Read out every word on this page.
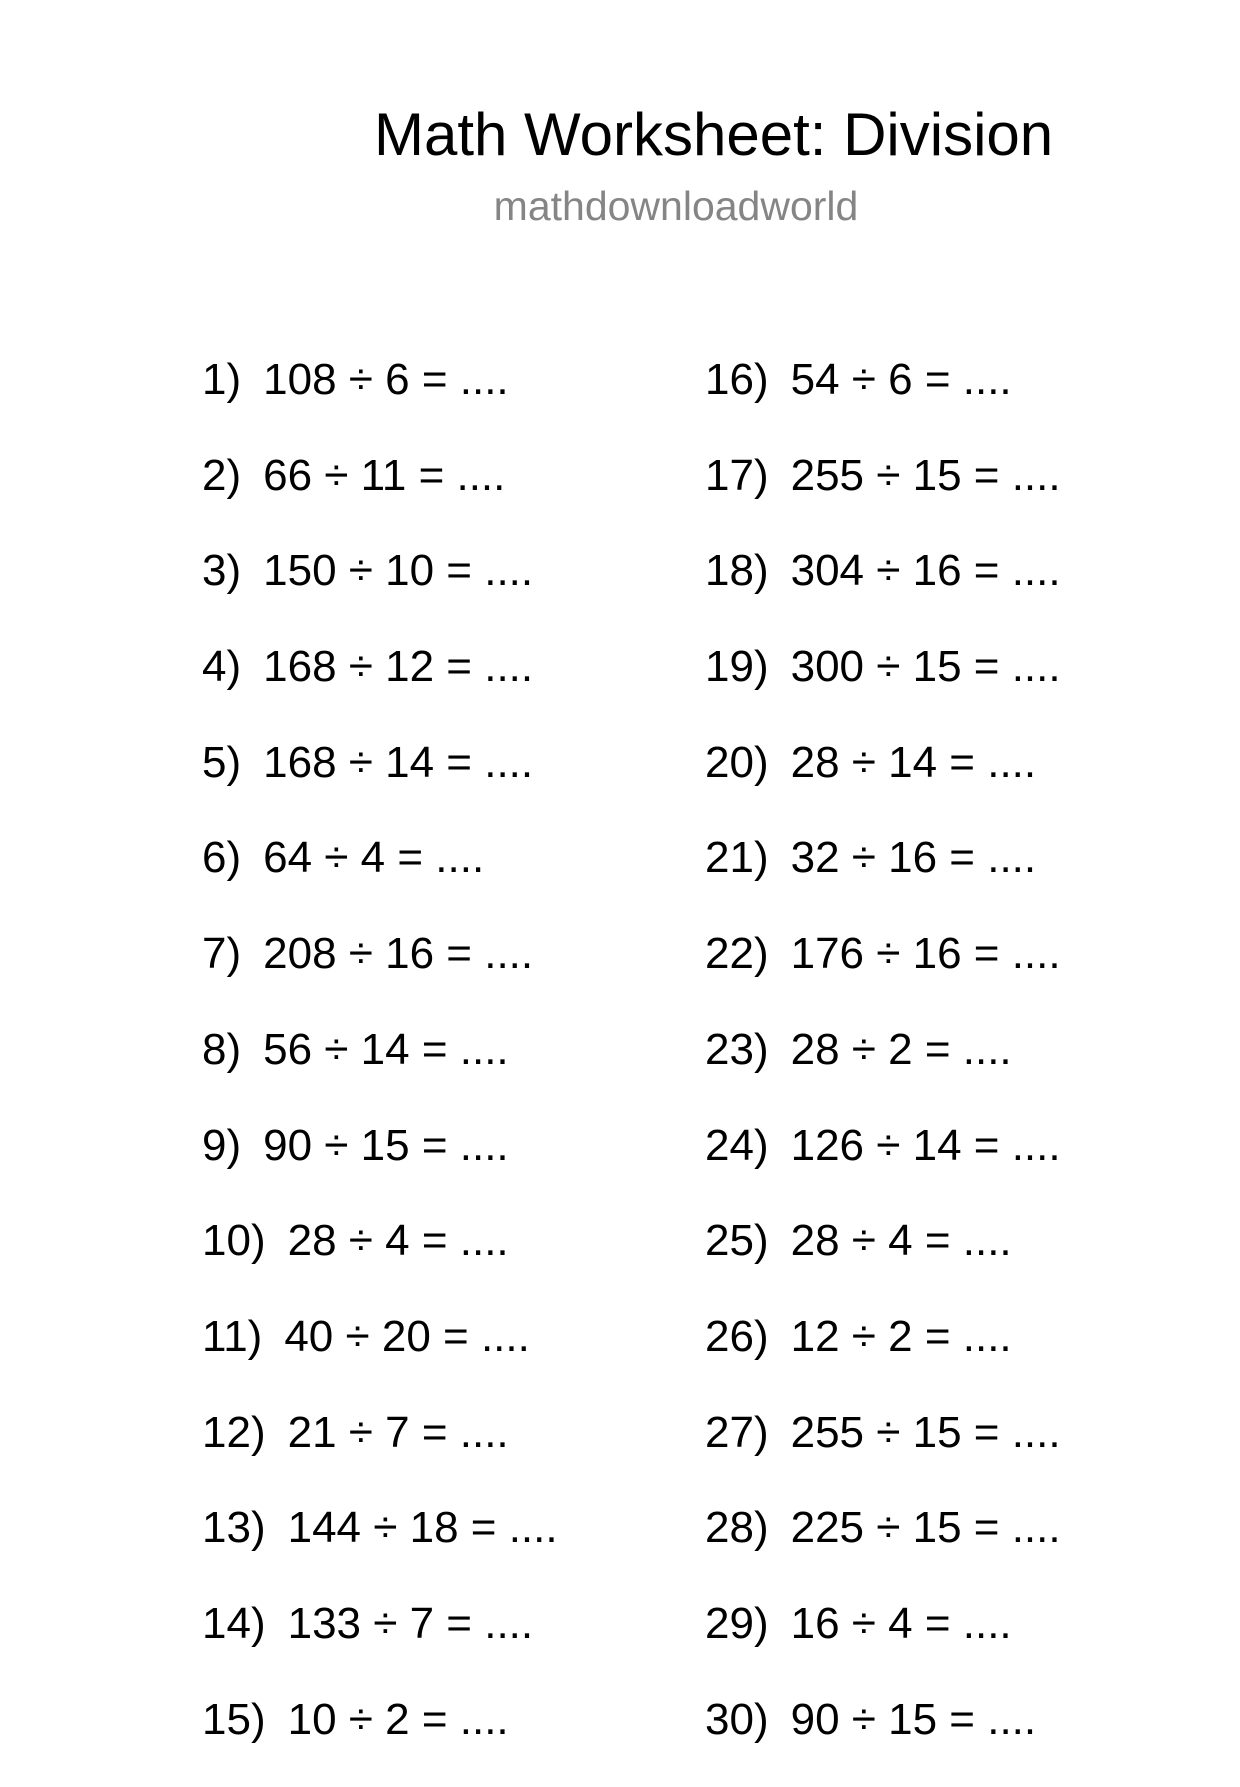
Math Worksheet: Division
mathdownloadworld
1) 108 ÷ 6 = ....
2) 66 ÷ 11 = ....
3) 150 ÷ 10 = ....
4) 168 ÷ 12 = ....
5) 168 ÷ 14 = ....
6) 64 ÷ 4 = ....
7) 208 ÷ 16 = ....
8) 56 ÷ 14 = ....
9) 90 ÷ 15 = ....
10) 28 ÷ 4 = ....
11) 40 ÷ 20 = ....
12) 21 ÷ 7 = ....
13) 144 ÷ 18 = ....
14) 133 ÷ 7 = ....
15) 10 ÷ 2 = ....
16) 54 ÷ 6 = ....
17) 255 ÷ 15 = ....
18) 304 ÷ 16 = ....
19) 300 ÷ 15 = ....
20) 28 ÷ 14 = ....
21) 32 ÷ 16 = ....
22) 176 ÷ 16 = ....
23) 28 ÷ 2 = ....
24) 126 ÷ 14 = ....
25) 28 ÷ 4 = ....
26) 12 ÷ 2 = ....
27) 255 ÷ 15 = ....
28) 225 ÷ 15 = ....
29) 16 ÷ 4 = ....
30) 90 ÷ 15 = ....
